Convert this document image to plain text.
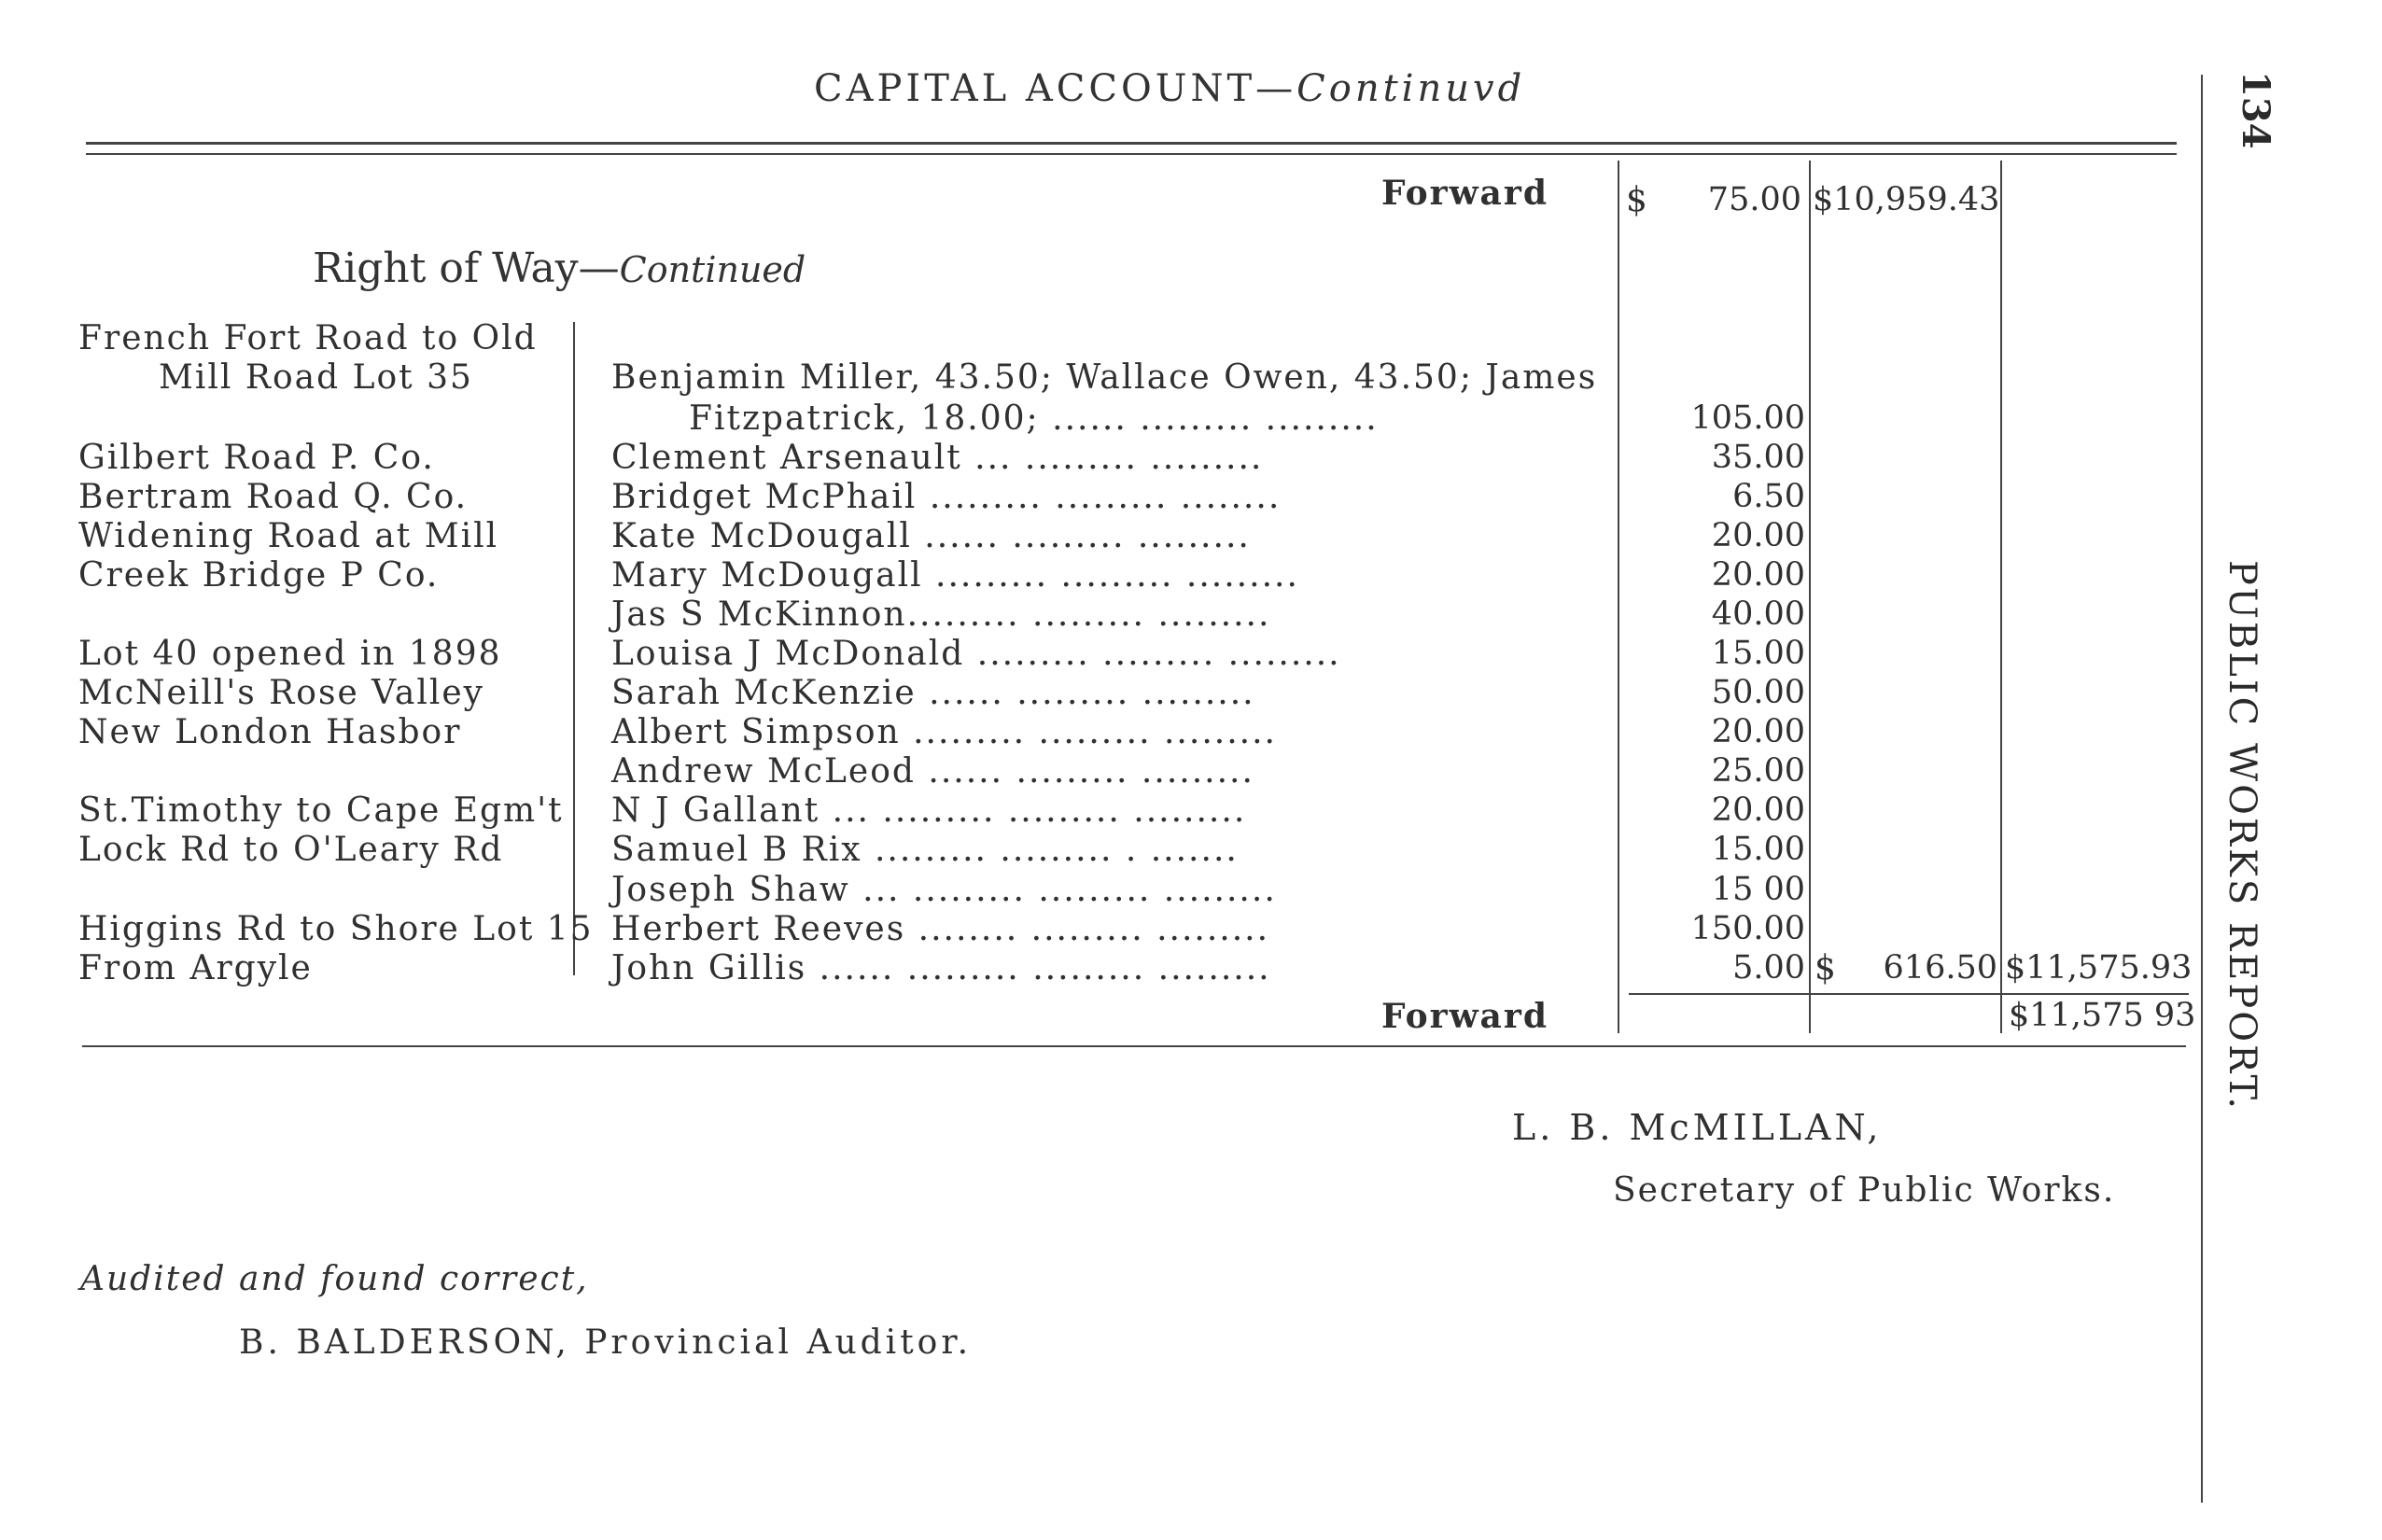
CAPITAL ACCOUNT—Continuvd	134
PUBLIC WORKS REPORT.
Forward $ 75.00 $10,959.43
Right of Way—Continued
French Fort Road to Old
Mill Road Lot 35
Gilbert Road P. Co.
Bertram Road Q. Co.
Widening Road at Mill
Creek Bridge P Co.
Lot 40 opened in 1898
McNeill's Rose Valley
New London Hasbor
St.Timothy to Cape Egm't
Lock Rd to O'Leary Rd
Higgins Rd to Shore Lot 15
From Argyle
Benjamin Miller, 43.50; Wallace Owen, 43.50; James
Fitzpatrick, 18.00; ...... ......... .........
Clement Arsenault ... ......... .........
Bridget McPhail ......... ......... ........
Kate McDougall ...... ......... .........
Mary McDougall ......... ......... .........
Jas S McKinnon......... ......... .........
Louisa J McDonald ......... ......... .........
Sarah McKenzie ...... ......... .........
Albert Simpson ......... ......... .........
Andrew McLeod ...... ......... .........
N J Gallant ... ......... ......... .........
Samuel B Rix ......... ......... . .......
Joseph Shaw ... ......... ......... .........
Herbert Reeves ........ ......... .........
John Gillis ...... ......... ......... .........
105.00
35.00
6.50
20.00
20.00
40.00
15.00
50.00
20.00
25.00
20.00
15.00
15 00
150.00
5.00 $ 616.50 $11,575.93
Forward	$11,575 93
L. B. McMILLAN,
Secretary of Public Works.
Audited and found correct,
B. BALDERSON, Provincial Auditor.
